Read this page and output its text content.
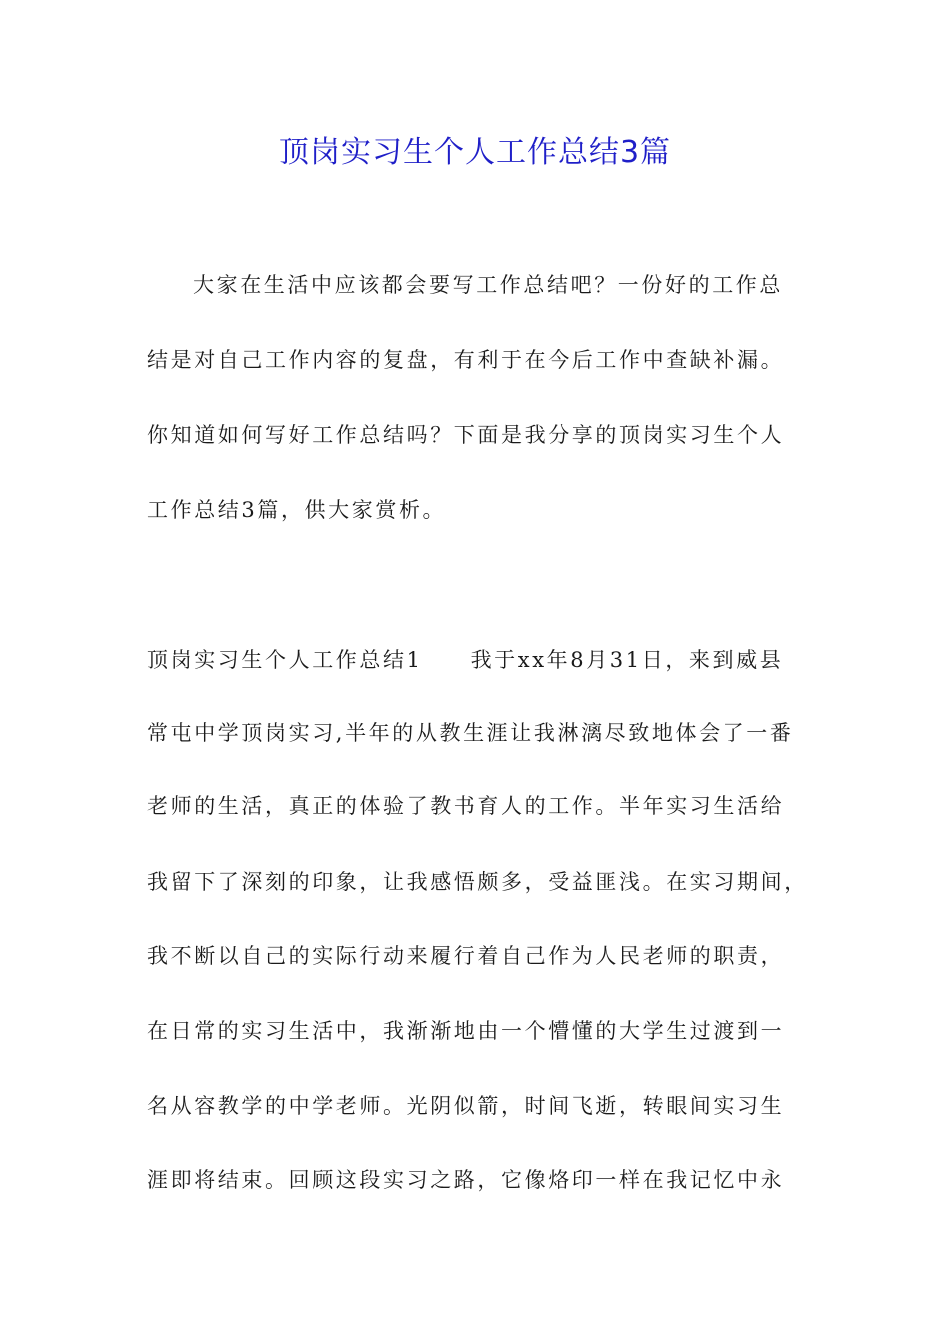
顶岗实习生个人工作总结3篇

大家在生活中应该都会要写工作总结吧？一份好的工作总

结是对自己工作内容的复盘，有利于在今后工作中查缺补漏。

你知道如何写好工作总结吗？下面是我分享的顶岗实习生个人

工作总结3篇，供大家赏析。

顶岗实习生个人工作总结1 我于xx年8月31日，来到威县

常屯中学顶岗实习,半年的从教生涯让我淋漓尽致地体会了一番

老师的生活，真正的体验了教书育人的工作。半年实习生活给

我留下了深刻的印象，让我感悟颇多，受益匪浅。在实习期间，

我不断以自己的实际行动来履行着自己作为人民老师的职责，

在日常的实习生活中，我渐渐地由一个懵懂的大学生过渡到一

名从容教学的中学老师。光阴似箭，时间飞逝，转眼间实习生

涯即将结束。回顾这段实习之路，它像烙印一样在我记忆中永
